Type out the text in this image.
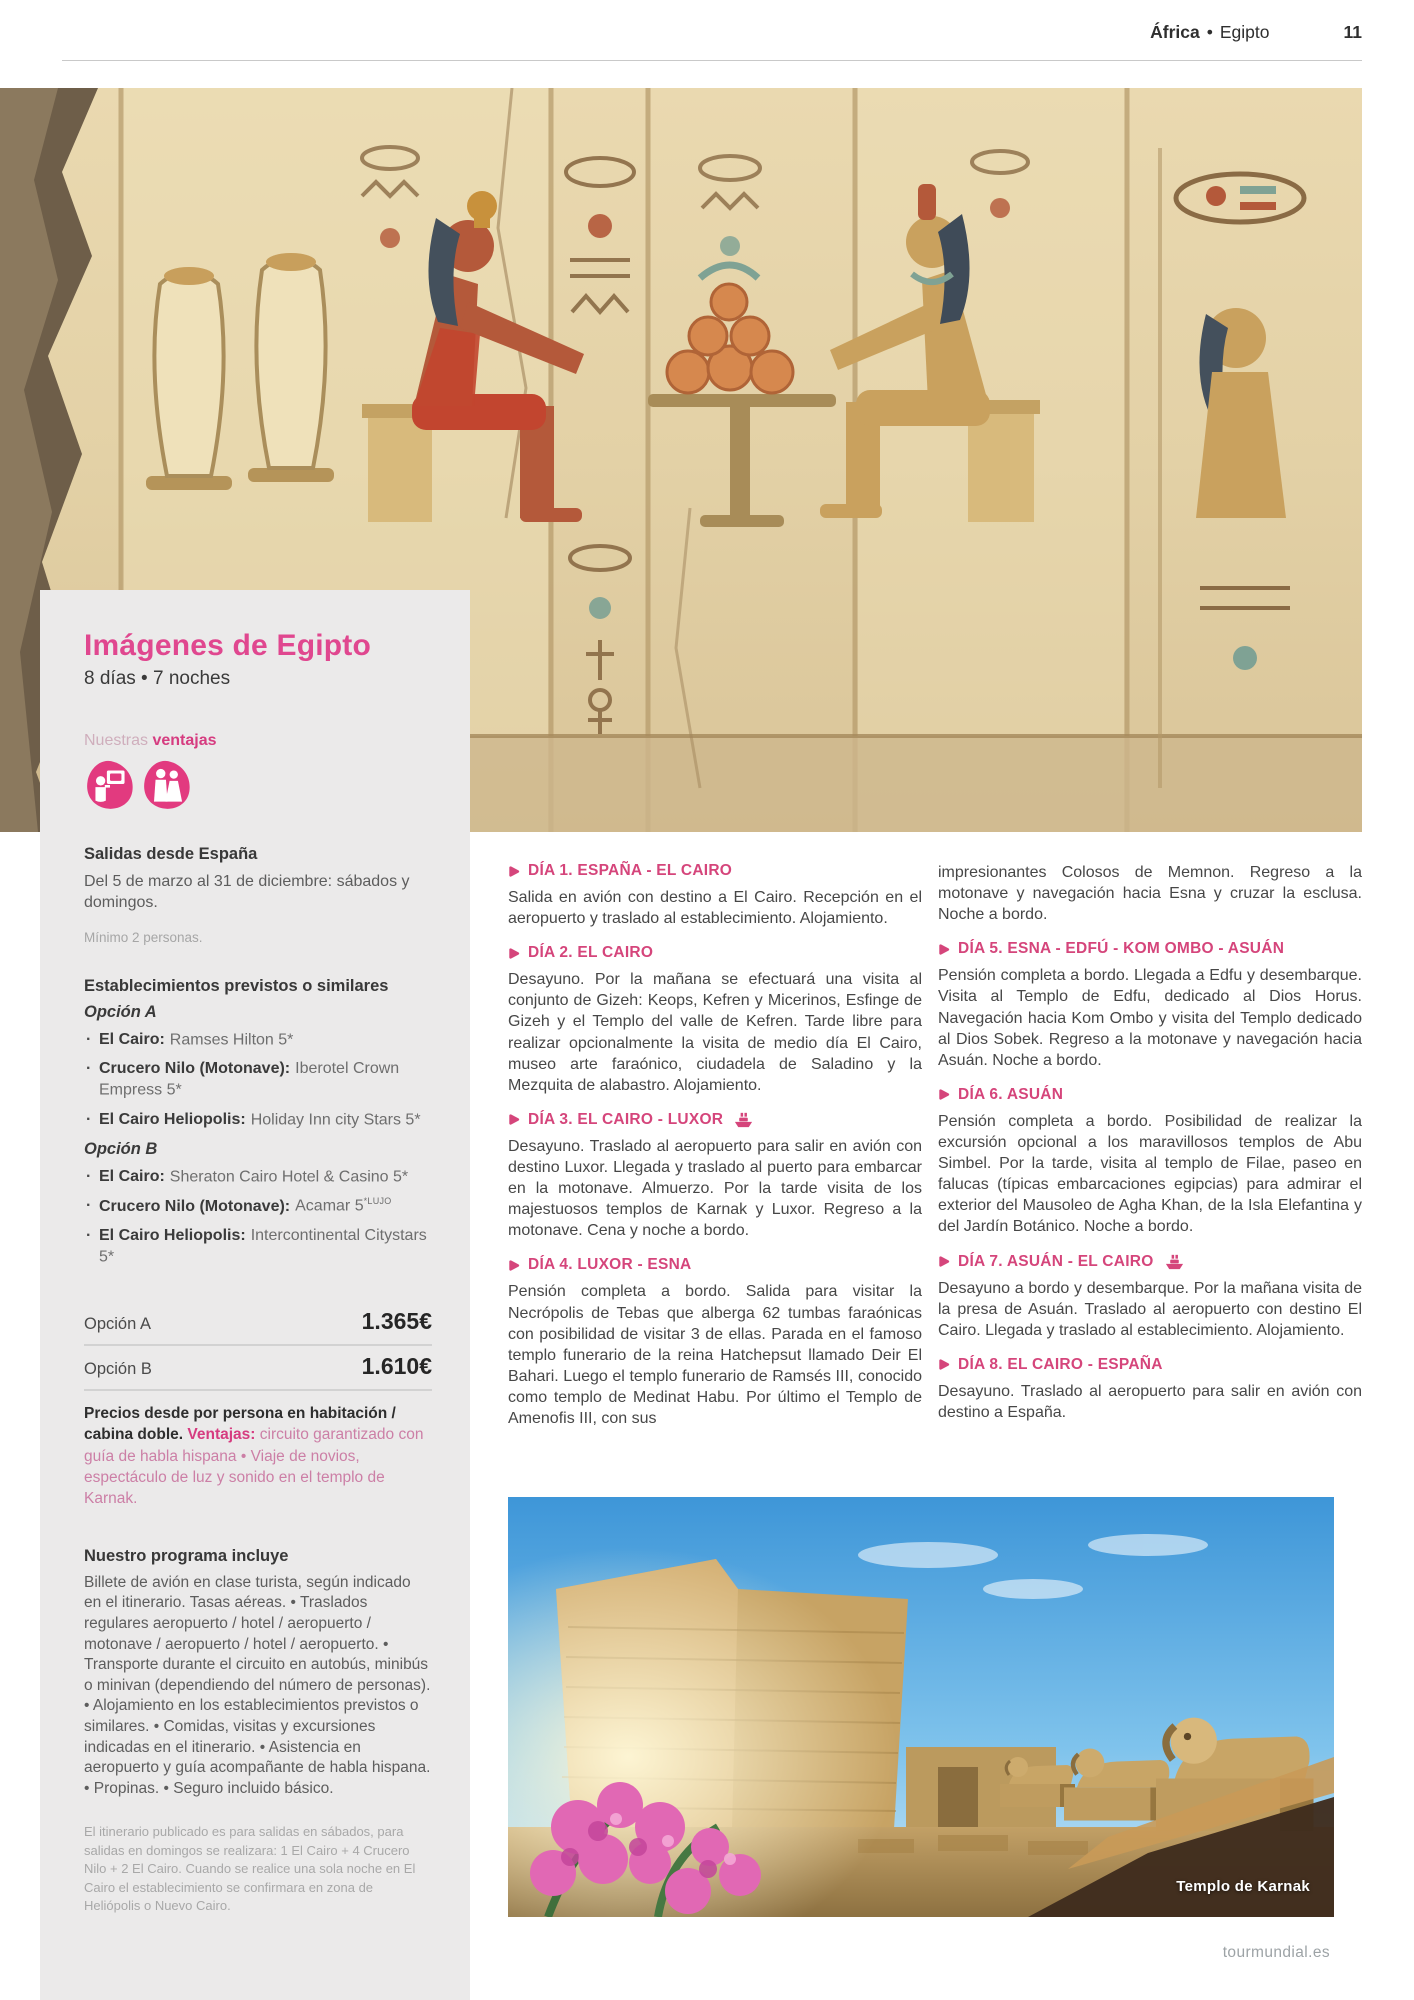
África • Egipto	11
Imágenes de Egipto

8 días • 7 noches

Nuestras ventajas

Salidas desde España

Del 5 de marzo al 31 de diciembre: sábados y domingos.

Mínimo 2 personas.

Establecimientos previstos o similares

Opción A

· El Cairo: Ramses Hilton 5*
· Crucero Nilo (Motonave): Iberotel Crown Empress 5*
· El Cairo Heliopolis: Holiday Inn city Stars 5*

Opción B

· El Cairo: Sheraton Cairo Hotel & Casino 5*
· Crucero Nilo (Motonave): Acamar $5^{*LUJO}$
· El Cairo Heliopolis: Intercontinental Citystars 5*
Opción A	1.365€
Opción B	1.610€

Precios desde por persona en habitación / cabina doble. Ventajas: circuito garantizado con guía de habla hispana • Viaje de novios, espectáculo de luz y sonido en el templo de Karnak.

Nuestro programa incluye

Billete de avión en clase turista, según indicado en el itinerario. Tasas aéreas. • Traslados regulares aeropuerto / hotel / aeropuerto / motonave / aeropuerto / hotel / aeropuerto. • Transporte durante el circuito en autobús, minibús o minivan (dependiendo del número de personas). • Alojamiento en los establecimientos previstos o similares. • Comidas, visitas y excursiones indicadas en el itinerario. • Asistencia en aeropuerto y guía acompañante de habla hispana. • Propinas. • Seguro incluido básico.

El itinerario publicado es para salidas en sábados, para salidas en domingos se realizara: 1 El Cairo + 4 Crucero Nilo + 2 El Cairo. Cuando se realice una sola noche en El Cairo el establecimiento se confirmara en zona de Heliópolis o Nuevo Cairo.

DÍA 1. ESPAÑA - EL CAIRO

Salida en avión con destino a El Cairo. Recepción en el aeropuerto y traslado al establecimiento. Alojamiento.

DÍA 2. EL CAIRO

Desayuno. Por la mañana se efectuará una visita al conjunto de Gizeh: Keops, Kefren y Micerinos, Esfinge de Gizeh y el Templo del valle de Kefren. Tarde libre para realizar opcionalmente la visita de medio día El Cairo, museo arte faraónico, ciudadela de Saladino y la Mezquita de alabastro. Alojamiento.

DÍA 3. EL CAIRO - LUXOR

Desayuno. Traslado al aeropuerto para salir en avión con destino Luxor. Llegada y traslado al puerto para embarcar en la motonave. Almuerzo. Por la tarde visita de los majestuosos templos de Karnak y Luxor. Regreso a la motonave. Cena y noche a bordo.

DÍA 4. LUXOR - ESNA

Pensión completa a bordo. Salida para visitar la Necrópolis de Tebas que alberga 62 tumbas faraónicas con posibilidad de visitar 3 de ellas. Parada en el famoso templo funerario de la reina Hatchepsut llamado Deir El Bahari. Luego el templo funerario de Ramsés III, conocido como templo de Medinat Habu. Por último el Templo de Amenofis III, con sus

impresionantes Colosos de Memnon. Regreso a la motonave y navegación hacia Esna y cruzar la esclusa. Noche a bordo.

DÍA 5. ESNA - EDFÚ - KOM OMBO - ASUÁN

Pensión completa a bordo. Llegada a Edfu y desembarque. Visita al Templo de Edfu, dedicado al Dios Horus. Navegación hacia Kom Ombo y visita del Templo dedicado al Dios Sobek. Regreso a la motonave y navegación hacia Asuán. Noche a bordo.

DÍA 6. ASUÁN

Pensión completa a bordo. Posibilidad de realizar la excursión opcional a los maravillosos templos de Abu Simbel. Por la tarde, visita al templo de Filae, paseo en falucas (típicas embarcaciones egipcias) para admirar el exterior del Mausoleo de Agha Khan, de la Isla Elefantina y del Jardín Botánico. Noche a bordo.

DÍA 7. ASUÁN - EL CAIRO

Desayuno a bordo y desembarque. Por la mañana visita de la presa de Asuán. Traslado al aeropuerto con destino El Cairo. Llegada y traslado al establecimiento. Alojamiento.

DÍA 8. EL CAIRO - ESPAÑA

Desayuno. Traslado al aeropuerto para salir en avión con destino a España.

Templo de Karnak
tourmundial.es
